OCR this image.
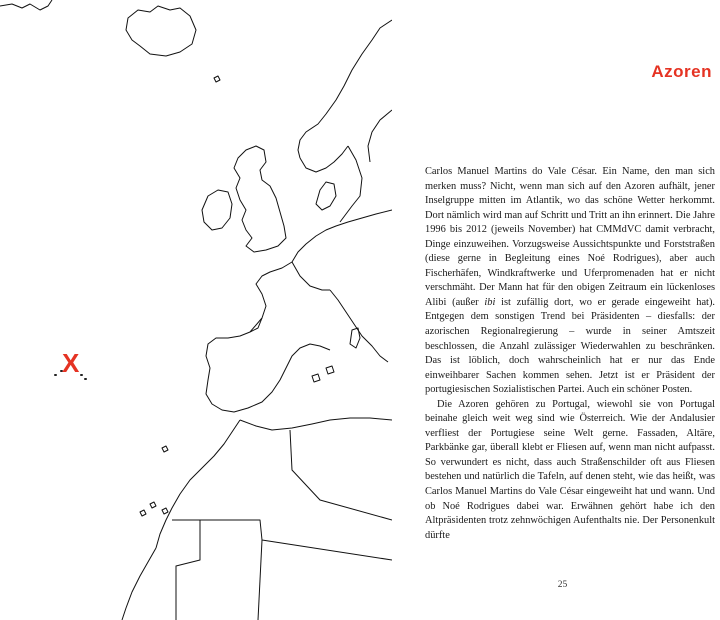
X
Azoren

Carlos Manuel Martins do Vale César. Ein Name, den man sich merken muss? Nicht, wenn man sich auf den Azoren aufhält, jener Inselgruppe mitten im Atlantik, wo das schöne Wetter herkommt. Dort nämlich wird man auf Schritt und Tritt an ihn erinnert. Die Jahre 1996 bis 2012 (jeweils November) hat CMMdVC damit verbracht, Dinge einzuweihen. Vorzugsweise Aussichtspunkte und Forststraßen (diese gerne in Begleitung eines Noé Rodrigues), aber auch Fischerhäfen, Windkraftwerke und Uferpromenaden hat er nicht verschmäht. Der Mann hat für den obigen Zeitraum ein lückenloses Alibi (außer ibi ist zufällig dort, wo er gerade eingeweiht hat). Entgegen dem sonstigen Trend bei Präsidenten – diesfalls: der azorischen Regionalregierung – wurde in seiner Amtszeit beschlossen, die Anzahl zulässiger Wiederwahlen zu beschränken. Das ist löblich, doch wahrscheinlich hat er nur das Ende einweihbarer Sachen kommen sehen. Jetzt ist er Präsident der portugiesischen Sozialistischen Partei. Auch ein schöner Posten.

Die Azoren gehören zu Portugal, wiewohl sie von Portugal beinahe gleich weit weg sind wie Österreich. Wie der Andalusier verfliest der Portugiese seine Welt gerne. Fassaden, Altäre, Parkbänke gar, überall klebt er Fliesen auf, wenn man nicht aufpasst. So verwundert es nicht, dass auch Straßenschilder oft aus Fliesen bestehen und natürlich die Tafeln, auf denen steht, wie das heißt, was Carlos Manuel Martins do Vale César eingeweiht hat und wann. Und ob Noé Rodrigues dabei war. Erwähnen gehört habe ich den Altpräsidenten trotz zehnwöchigen Aufenthalts nie. Der Personenkult dürfte

25
